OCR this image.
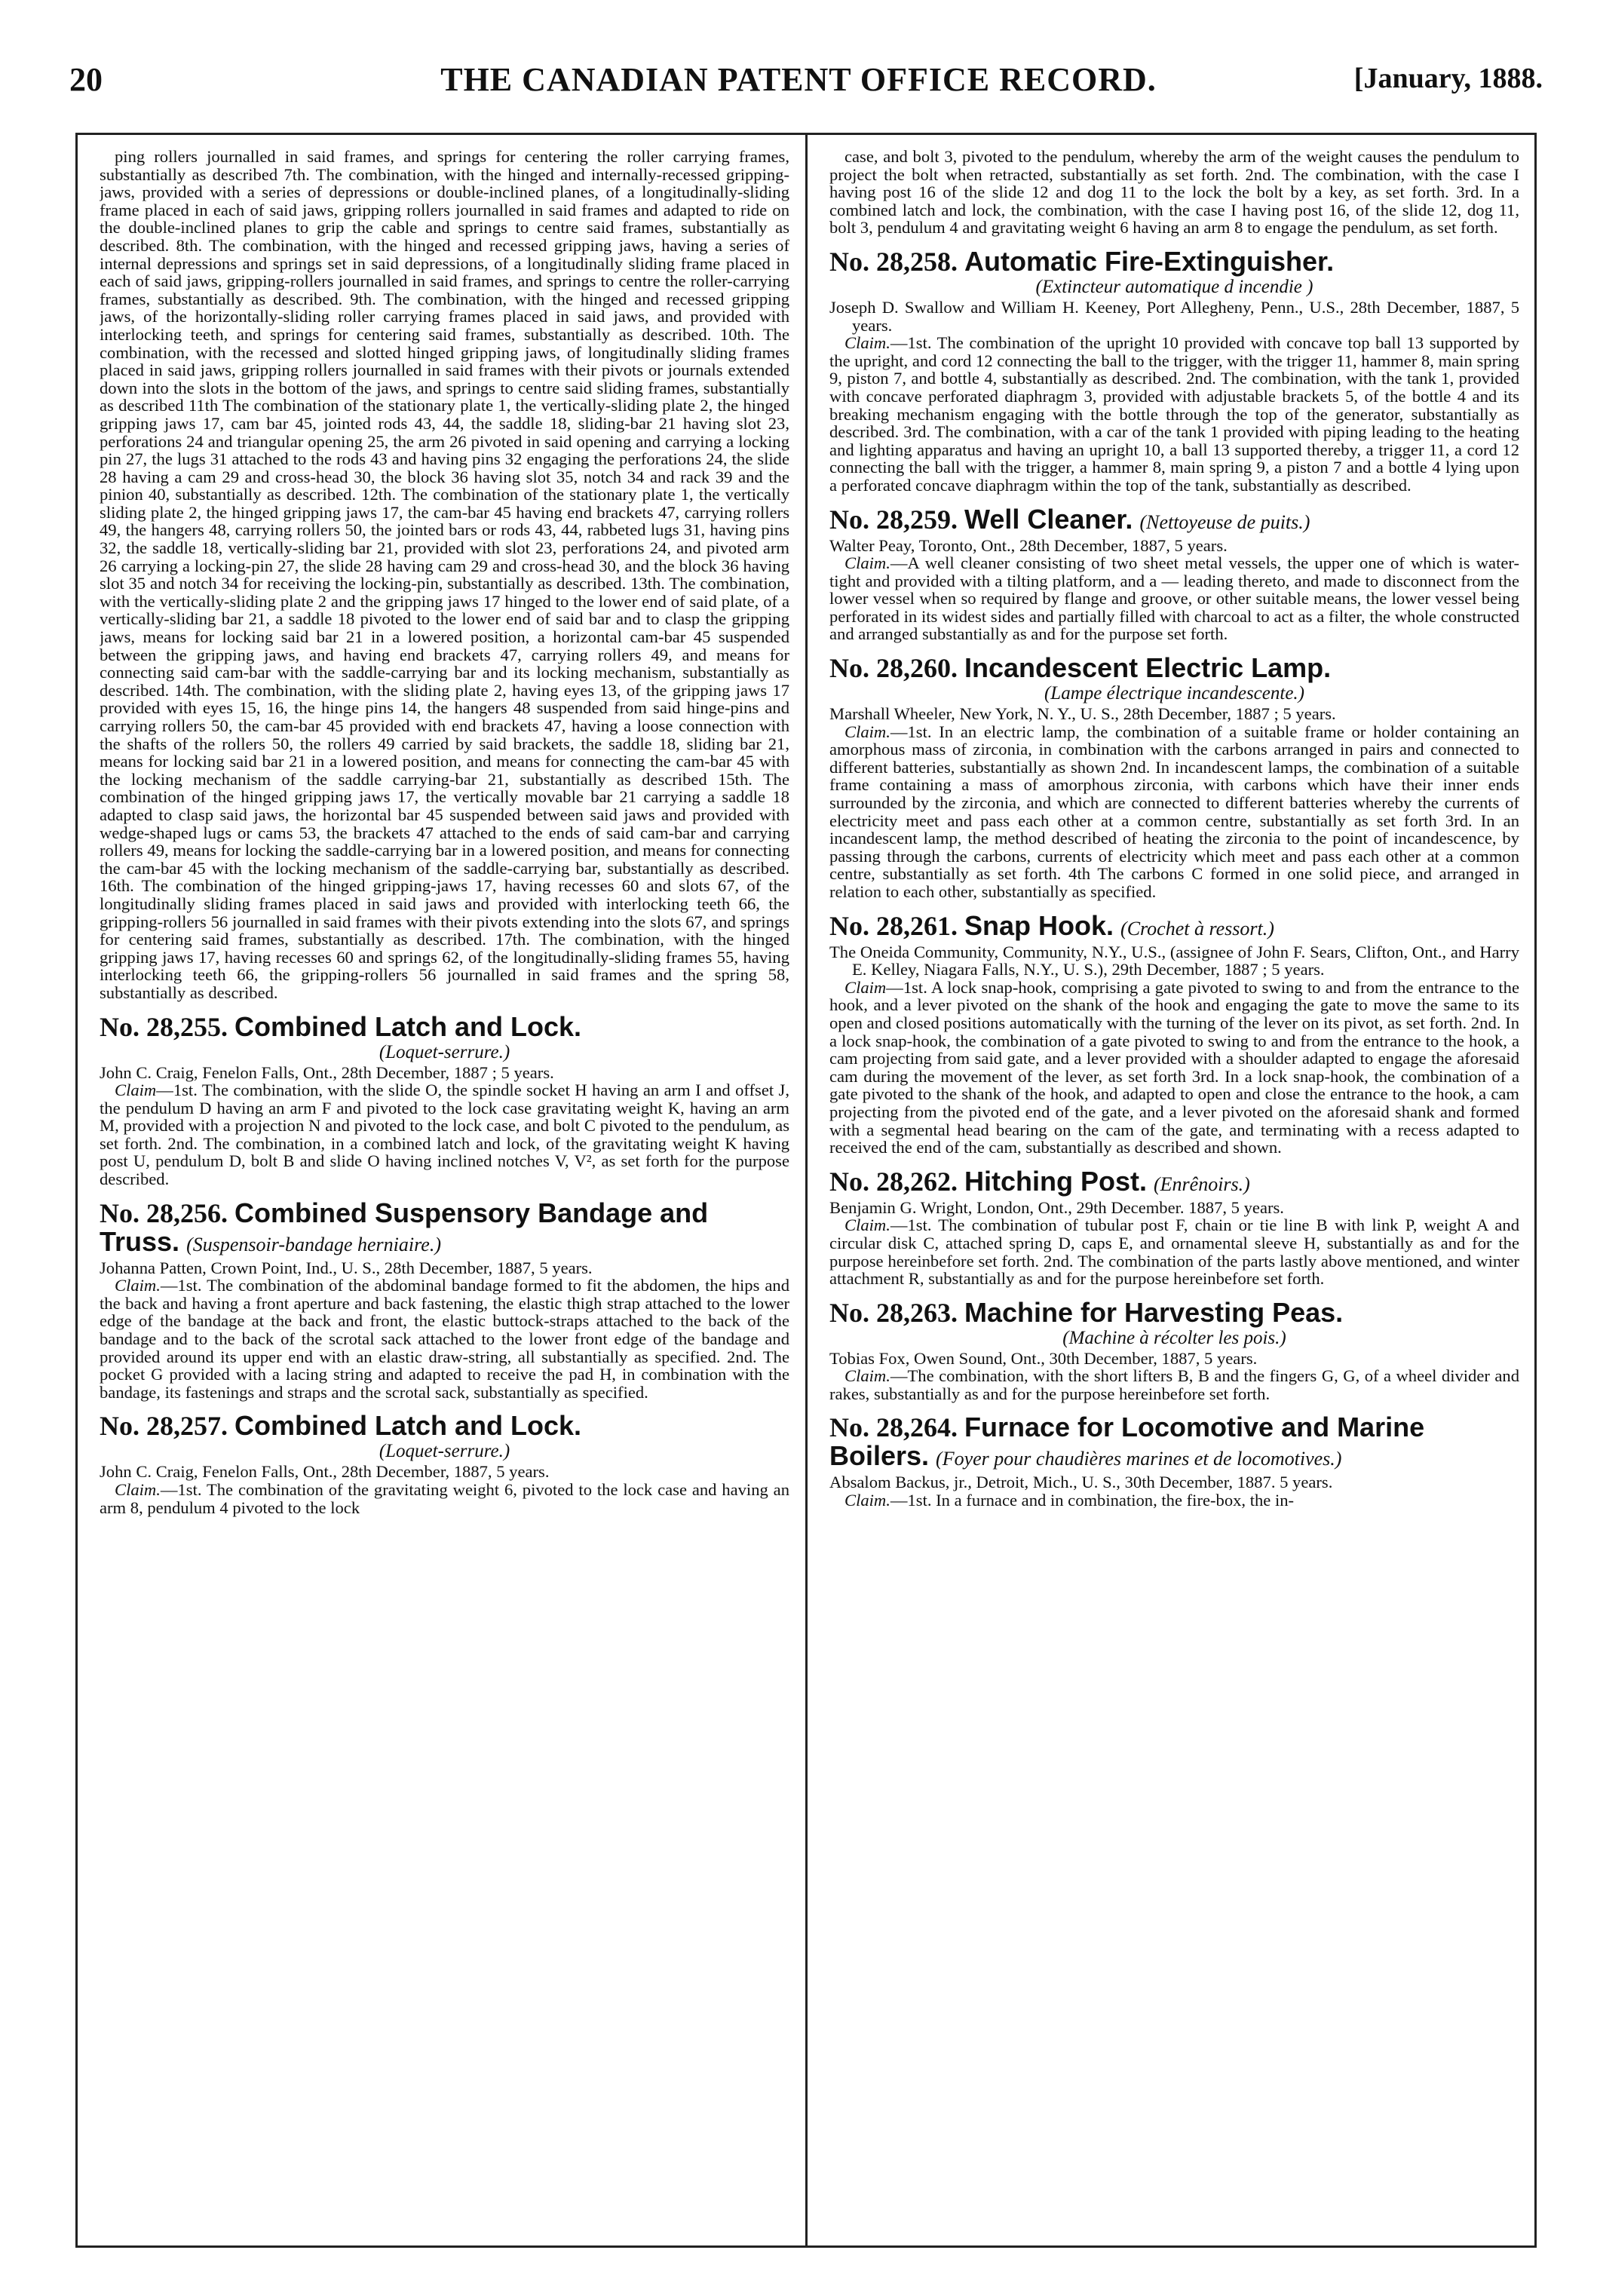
20	THE CANADIAN PATENT OFFICE RECORD.	[January, 1888.

ping rollers journalled in said frames, and springs for centering the roller carrying frames, substantially as described 7th. The combination, with the hinged and internally-recessed gripping-jaws, provided with a series of depressions or double-inclined planes, of a longitudinally-sliding frame placed in each of said jaws, gripping rollers journalled in said frames and adapted to ride on the double-inclined planes to grip the cable and springs to centre said frames, substantially as described. 8th. The combination, with the hinged and recessed gripping jaws, having a series of internal depressions and springs set in said depressions, of a longitudinally sliding frame placed in each of said jaws, gripping-rollers journalled in said frames, and springs to centre the roller-carrying frames, substantially as described. 9th. The combination, with the hinged and recessed gripping jaws, of the horizontally-sliding roller carrying frames placed in said jaws, and provided with interlocking teeth, and springs for centering said frames, substantially as described. 10th. The combination, with the recessed and slotted hinged gripping jaws, of longitudinally sliding frames placed in said jaws, gripping rollers journalled in said frames with their pivots or journals extended down into the slots in the bottom of the jaws, and springs to centre said sliding frames, substantially as described 11th The combination of the stationary plate 1, the vertically-sliding plate 2, the hinged gripping jaws 17, cam bar 45, jointed rods 43, 44, the saddle 18, sliding-bar 21 having slot 23, perforations 24 and triangular opening 25, the arm 26 pivoted in said opening and carrying a locking pin 27, the lugs 31 attached to the rods 43 and having pins 32 engaging the perforations 24, the slide 28 having a cam 29 and cross-head 30, the block 36 having slot 35, notch 34 and rack 39 and the pinion 40, substantially as described. 12th. The combination of the stationary plate 1, the vertically sliding plate 2, the hinged gripping jaws 17, the cam-bar 45 having end brackets 47, carrying rollers 49, the hangers 48, carrying rollers 50, the jointed bars or rods 43, 44, rabbeted lugs 31, having pins 32, the saddle 18, vertically-sliding bar 21, provided with slot 23, perforations 24, and pivoted arm 26 carrying a locking-pin 27, the slide 28 having cam 29 and cross-head 30, and the block 36 having slot 35 and notch 34 for receiving the locking-pin, substantially as described. 13th. The combination, with the vertically-sliding plate 2 and the gripping jaws 17 hinged to the lower end of said plate, of a vertically-sliding bar 21, a saddle 18 pivoted to the lower end of said bar and to clasp the gripping jaws, means for locking said bar 21 in a lowered position, a horizontal cam-bar 45 suspended between the gripping jaws, and having end brackets 47, carrying rollers 49, and means for connecting said cam-bar with the saddle-carrying bar and its locking mechanism, substantially as described. 14th. The combination, with the sliding plate 2, having eyes 13, of the gripping jaws 17 provided with eyes 15, 16, the hinge pins 14, the hangers 48 suspended from said hinge-pins and carrying rollers 50, the cam-bar 45 provided with end brackets 47, having a loose connection with the shafts of the rollers 50, the rollers 49 carried by said brackets, the saddle 18, sliding bar 21, means for locking said bar 21 in a lowered position, and means for connecting the cam-bar 45 with the locking mechanism of the saddle carrying-bar 21, substantially as described 15th. The combination of the hinged gripping jaws 17, the vertically movable bar 21 carrying a saddle 18 adapted to clasp said jaws, the horizontal bar 45 suspended between said jaws and provided with wedge-shaped lugs or cams 53, the brackets 47 attached to the ends of said cam-bar and carrying rollers 49, means for locking the saddle-carrying bar in a lowered position, and means for connecting the cam-bar 45 with the locking mechanism of the saddle-carrying bar, substantially as described. 16th. The combination of the hinged gripping-jaws 17, having recesses 60 and slots 67, of the longitudinally sliding frames placed in said jaws and provided with interlocking teeth 66, the gripping-rollers 56 journalled in said frames with their pivots extending into the slots 67, and springs for centering said frames, substantially as described. 17th. The combination, with the hinged gripping jaws 17, having recesses 60 and springs 62, of the longitudinally-sliding frames 55, having interlocking teeth 66, the gripping-rollers 56 journalled in said frames and the spring 58, substantially as described.

No. 28,255. Combined Latch and Lock.

(Loquet-serrure.)

John C. Craig, Fenelon Falls, Ont., 28th December, 1887 ; 5 years.

Claim—1st. The combination, with the slide O, the spindle socket H having an arm I and offset J, the pendulum D having an arm F and pivoted to the lock case gravitating weight K, having an arm M, provided with a projection N and pivoted to the lock case, and bolt C pivoted to the pendulum, as set forth. 2nd. The combination, in a combined latch and lock, of the gravitating weight K having post U, pendulum D, bolt B and slide O having inclined notches V, V², as set forth for the purpose described.

No. 28,256. Combined Suspensory Bandage and Truss. (Suspensoir-bandage herniaire.)

Johanna Patten, Crown Point, Ind., U. S., 28th December, 1887, 5 years.

Claim.—1st. The combination of the abdominal bandage formed to fit the abdomen, the hips and the back and having a front aperture and back fastening, the elastic thigh strap attached to the lower edge of the bandage at the back and front, the elastic buttock-straps attached to the back of the bandage and to the back of the scrotal sack attached to the lower front edge of the bandage and provided around its upper end with an elastic draw-string, all substantially as specified. 2nd. The pocket G provided with a lacing string and adapted to receive the pad H, in combination with the bandage, its fastenings and straps and the scrotal sack, substantially as specified.

No. 28,257. Combined Latch and Lock.

(Loquet-serrure.)

John C. Craig, Fenelon Falls, Ont., 28th December, 1887, 5 years.

Claim.—1st. The combination of the gravitating weight 6, pivoted to the lock case and having an arm 8, pendulum 4 pivoted to the lock

case, and bolt 3, pivoted to the pendulum, whereby the arm of the weight causes the pendulum to project the bolt when retracted, substantially as set forth. 2nd. The combination, with the case I having post 16 of the slide 12 and dog 11 to the lock the bolt by a key, as set forth. 3rd. In a combined latch and lock, the combination, with the case I having post 16, of the slide 12, dog 11, bolt 3, pendulum 4 and gravitating weight 6 having an arm 8 to engage the pendulum, as set forth.

No. 28,258. Automatic Fire-Extinguisher.

(Extincteur automatique d incendie )

Joseph D. Swallow and William H. Keeney, Port Allegheny, Penn., U.S., 28th December, 1887, 5 years.

Claim.—1st. The combination of the upright 10 provided with concave top ball 13 supported by the upright, and cord 12 connecting the ball to the trigger, with the trigger 11, hammer 8, main spring 9, piston 7, and bottle 4, substantially as described. 2nd. The combination, with the tank 1, provided with concave perforated diaphragm 3, provided with adjustable brackets 5, of the bottle 4 and its breaking mechanism engaging with the bottle through the top of the generator, substantially as described. 3rd. The combination, with a car of the tank 1 provided with piping leading to the heating and lighting apparatus and having an upright 10, a ball 13 supported thereby, a trigger 11, a cord 12 connecting the ball with the trigger, a hammer 8, main spring 9, a piston 7 and a bottle 4 lying upon a perforated concave diaphragm within the top of the tank, substantially as described.

No. 28,259. Well Cleaner. (Nettoyeuse de puits.)

Walter Peay, Toronto, Ont., 28th December, 1887, 5 years.

Claim.—A well cleaner consisting of two sheet metal vessels, the upper one of which is water-tight and provided with a tilting platform, and a — leading thereto, and made to disconnect from the lower vessel when so required by flange and groove, or other suitable means, the lower vessel being perforated in its widest sides and partially filled with charcoal to act as a filter, the whole constructed and arranged substantially as and for the purpose set forth.

No. 28,260. Incandescent Electric Lamp.

(Lampe électrique incandescente.)

Marshall Wheeler, New York, N. Y., U. S., 28th December, 1887 ; 5 years.

Claim.—1st. In an electric lamp, the combination of a suitable frame or holder containing an amorphous mass of zirconia, in combination with the carbons arranged in pairs and connected to different batteries, substantially as shown 2nd. In incandescent lamps, the combination of a suitable frame containing a mass of amorphous zirconia, with carbons which have their inner ends surrounded by the zirconia, and which are connected to different batteries whereby the currents of electricity meet and pass each other at a common centre, substantially as set forth 3rd. In an incandescent lamp, the method described of heating the zirconia to the point of incandescence, by passing through the carbons, currents of electricity which meet and pass each other at a common centre, substantially as set forth. 4th The carbons C formed in one solid piece, and arranged in relation to each other, substantially as specified.

No. 28,261. Snap Hook. (Crochet à ressort.)

The Oneida Community, Community, N.Y., U.S., (assignee of John F. Sears, Clifton, Ont., and Harry E. Kelley, Niagara Falls, N.Y., U. S.), 29th December, 1887 ; 5 years.

Claim—1st. A lock snap-hook, comprising a gate pivoted to swing to and from the entrance to the hook, and a lever pivoted on the shank of the hook and engaging the gate to move the same to its open and closed positions automatically with the turning of the lever on its pivot, as set forth. 2nd. In a lock snap-hook, the combination of a gate pivoted to swing to and from the entrance to the hook, a cam projecting from said gate, and a lever provided with a shoulder adapted to engage the aforesaid cam during the movement of the lever, as set forth 3rd. In a lock snap-hook, the combination of a gate pivoted to the shank of the hook, and adapted to open and close the entrance to the hook, a cam projecting from the pivoted end of the gate, and a lever pivoted on the aforesaid shank and formed with a segmental head bearing on the cam of the gate, and terminating with a recess adapted to received the end of the cam, substantially as described and shown.

No. 28,262. Hitching Post. (Enrênoirs.)

Benjamin G. Wright, London, Ont., 29th December. 1887, 5 years.

Claim.—1st. The combination of tubular post F, chain or tie line B with link P, weight A and circular disk C, attached spring D, caps E, and ornamental sleeve H, substantially as and for the purpose hereinbefore set forth. 2nd. The combination of the parts lastly above mentioned, and winter attachment R, substantially as and for the purpose hereinbefore set forth.

No. 28,263. Machine for Harvesting Peas.

(Machine à récolter les pois.)

Tobias Fox, Owen Sound, Ont., 30th December, 1887, 5 years.

Claim.—The combination, with the short lifters B, B and the fingers G, G, of a wheel divider and rakes, substantially as and for the purpose hereinbefore set forth.

No. 28,264. Furnace for Locomotive and Marine Boilers. (Foyer pour chaudières marines et de locomotives.)

Absalom Backus, jr., Detroit, Mich., U. S., 30th December, 1887. 5 years.

Claim.—1st. In a furnace and in combination, the fire-box, the in-
